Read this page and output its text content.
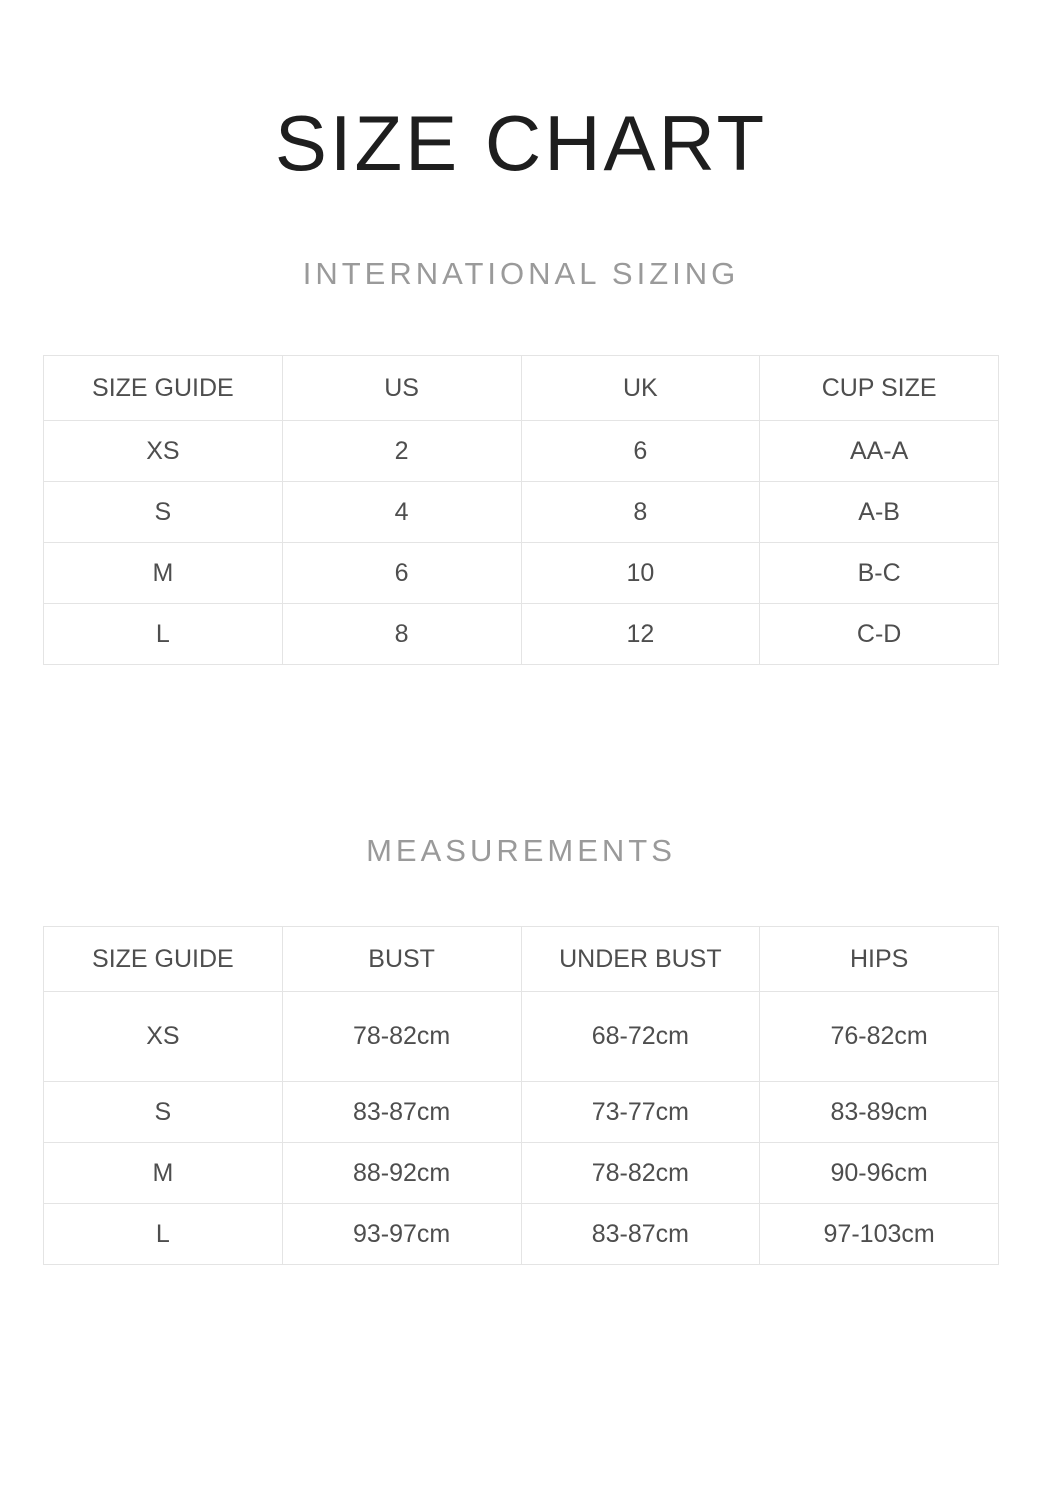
SIZE CHART
INTERNATIONAL SIZING
SIZE GUIDE	US	UK	CUP SIZE
XS	2	6	AA-A
S	4	8	A-B
M	6	10	B-C
L	8	12	C-D
MEASUREMENTS
SIZE GUIDE	BUST	UNDER BUST	HIPS
XS	78-82cm	68-72cm	76-82cm
S	83-87cm	73-77cm	83-89cm
M	88-92cm	78-82cm	90-96cm
L	93-97cm	83-87cm	97-103cm
